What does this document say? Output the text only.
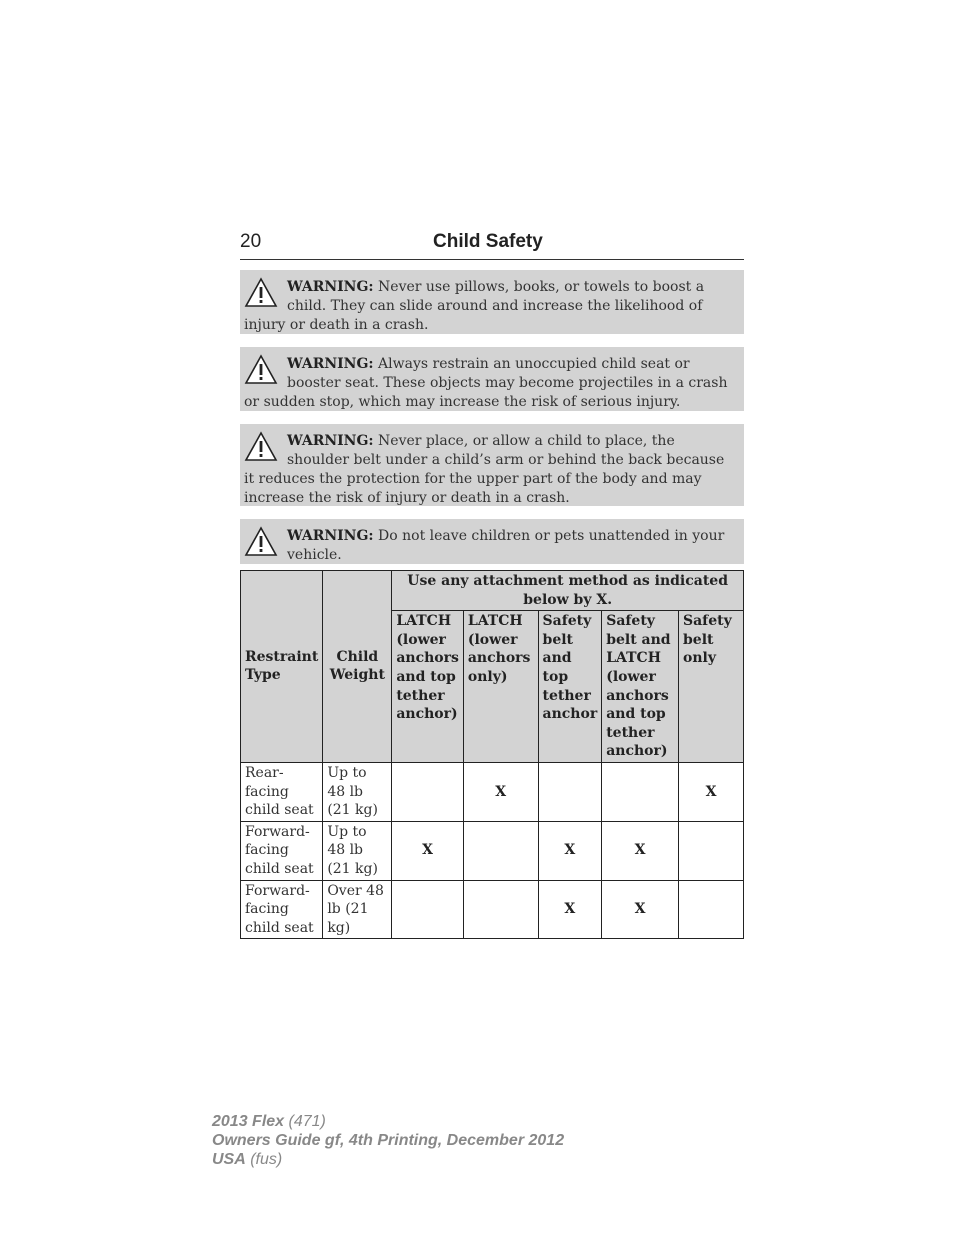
20	Child Safety
WARNING: Never use pillows, books, or towels to boost a child. They can slide around and increase the likelihood of injury or death in a crash.
WARNING: Always restrain an unoccupied child seat or booster seat. These objects may become projectiles in a crash or sudden stop, which may increase the risk of serious injury.
WARNING: Never place, or allow a child to place, the shoulder belt under a child’s arm or behind the back because it reduces the protection for the upper part of the body and may increase the risk of injury or death in a crash.
WARNING: Do not leave children or pets unattended in your vehicle.
Restraint Type	Child Weight	Use any attachment method as indicated below by X.				
		LATCH (lower anchors and top tether anchor)	LATCH (lower anchors only)	Safety belt and top tether anchor	Safety belt and LATCH (lower anchors and top tether anchor)	Safety belt only
Rear-facing child seat	Up to 48 lb (21 kg)		X			X
Forward-facing child seat	Up to 48 lb (21 kg)	X		X	X	
Forward-facing child seat	Over 48 lb (21 kg)			X	X	
2013 Flex (471)
Owners Guide gf, 4th Printing, December 2012
USA (fus)
